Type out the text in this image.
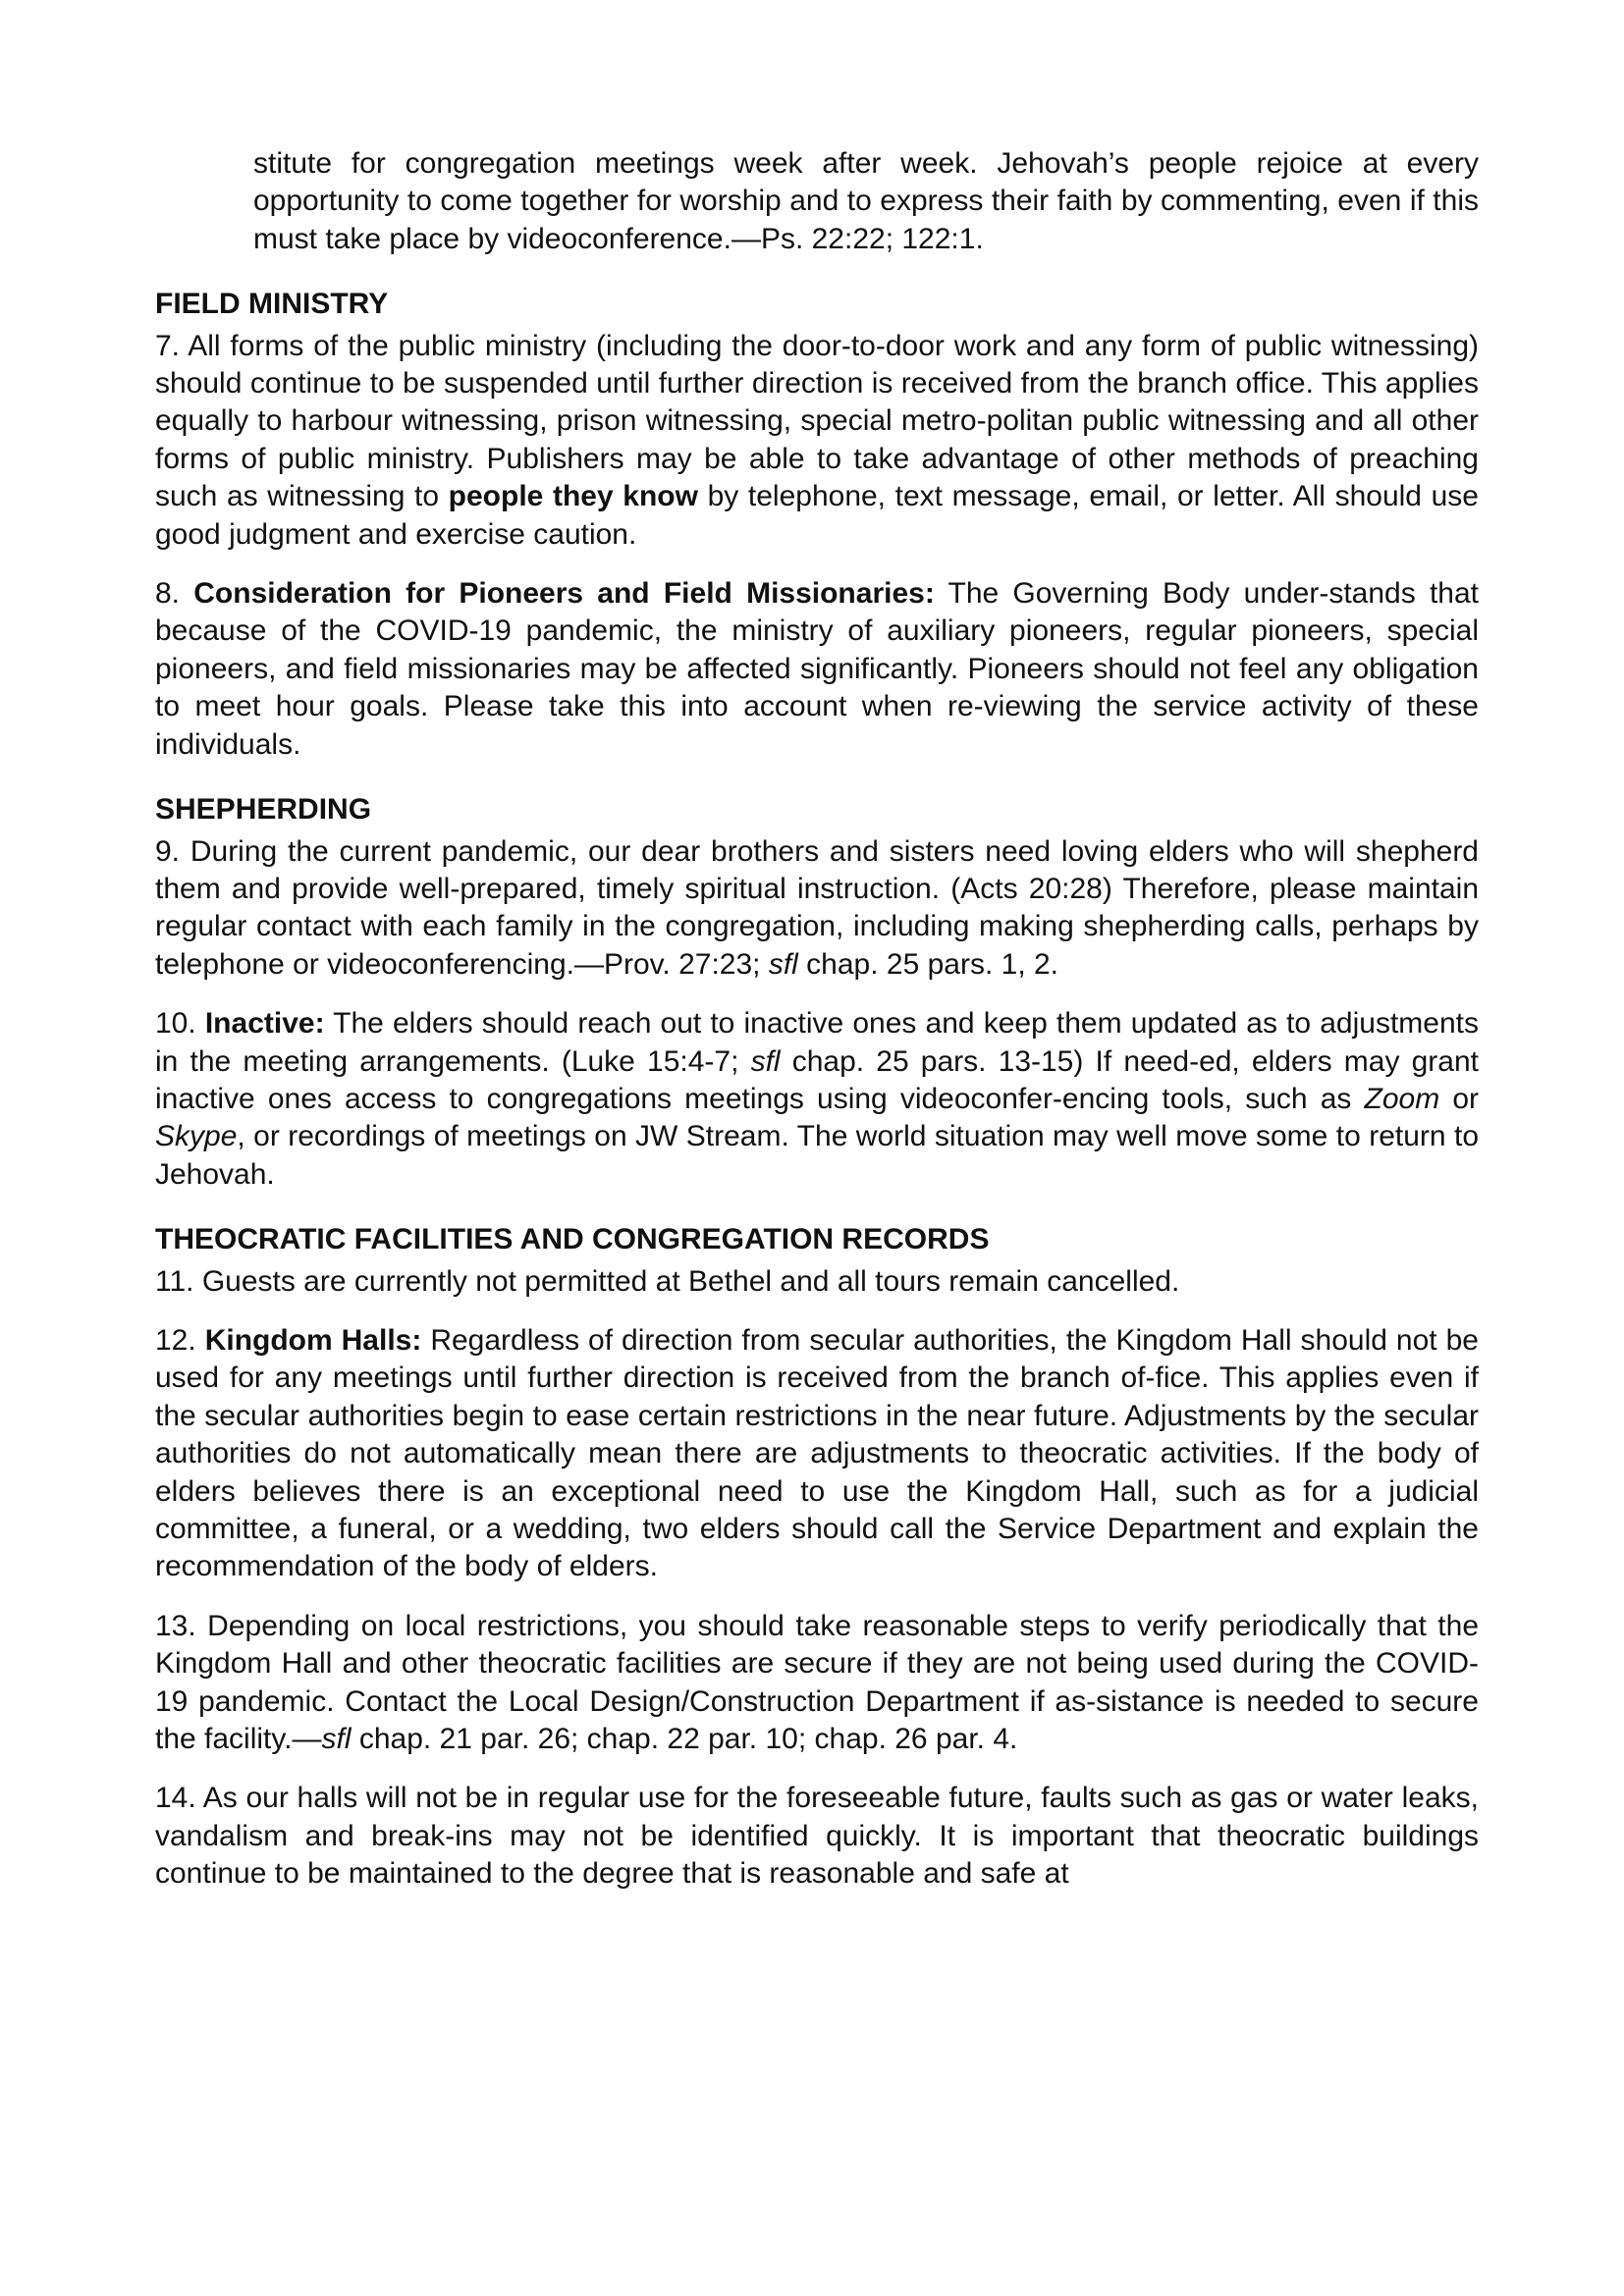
stitute for congregation meetings week after week. Jehovah’s people rejoice at every opportunity to come together for worship and to express their faith by commenting, even if this must take place by videoconference.—Ps. 22:22; 122:1.

FIELD MINISTRY

7. All forms of the public ministry (including the door-to-door work and any form of public witnessing) should continue to be suspended until further direction is received from the branch office. This applies equally to harbour witnessing, prison witnessing, special metro-politan public witnessing and all other forms of public ministry. Publishers may be able to take advantage of other methods of preaching such as witnessing to people they know by telephone, text message, email, or letter. All should use good judgment and exercise caution.

8. Consideration for Pioneers and Field Missionaries: The Governing Body under-stands that because of the COVID-19 pandemic, the ministry of auxiliary pioneers, regular pioneers, special pioneers, and field missionaries may be affected significantly. Pioneers should not feel any obligation to meet hour goals. Please take this into account when re-viewing the service activity of these individuals.

SHEPHERDING

9. During the current pandemic, our dear brothers and sisters need loving elders who will shepherd them and provide well-prepared, timely spiritual instruction. (Acts 20:28) Therefore, please maintain regular contact with each family in the congregation, including making shepherding calls, perhaps by telephone or videoconferencing.—Prov. 27:23; sfl chap. 25 pars. 1, 2.

10. Inactive: The elders should reach out to inactive ones and keep them updated as to adjustments in the meeting arrangements. (Luke 15:4-7; sfl chap. 25 pars. 13-15) If need-ed, elders may grant inactive ones access to congregations meetings using videoconfer-encing tools, such as Zoom or Skype, or recordings of meetings on JW Stream. The world situation may well move some to return to Jehovah.

THEOCRATIC FACILITIES AND CONGREGATION RECORDS

11. Guests are currently not permitted at Bethel and all tours remain cancelled.

12. Kingdom Halls: Regardless of direction from secular authorities, the Kingdom Hall should not be used for any meetings until further direction is received from the branch of-fice. This applies even if the secular authorities begin to ease certain restrictions in the near future. Adjustments by the secular authorities do not automatically mean there are adjustments to theocratic activities. If the body of elders believes there is an exceptional need to use the Kingdom Hall, such as for a judicial committee, a funeral, or a wedding, two elders should call the Service Department and explain the recommendation of the body of elders.

13. Depending on local restrictions, you should take reasonable steps to verify periodically that the Kingdom Hall and other theocratic facilities are secure if they are not being used during the COVID-19 pandemic. Contact the Local Design/Construction Department if as-sistance is needed to secure the facility.—sfl chap. 21 par. 26; chap. 22 par. 10; chap. 26 par. 4.

14. As our halls will not be in regular use for the foreseeable future, faults such as gas or water leaks, vandalism and break-ins may not be identified quickly. It is important that theocratic buildings continue to be maintained to the degree that is reasonable and safe at
